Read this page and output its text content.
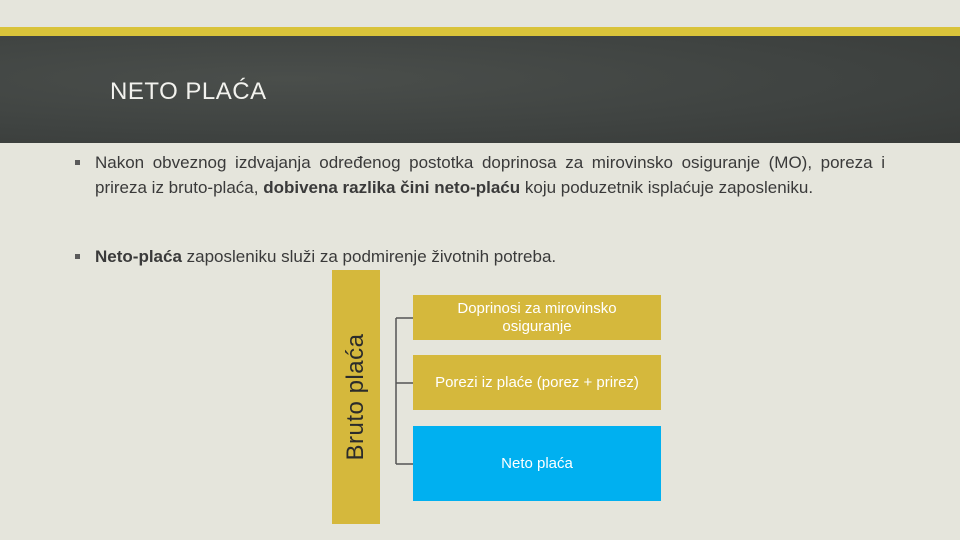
NETO PLAĆA
Nakon obveznog izdvajanja određenog postotka doprinosa za mirovinsko osiguranje (MO), poreza i prireza iz bruto-plaća, dobivena razlika čini neto-plaću koju poduzetnik isplaćuje zaposleniku.
Neto-plaća zaposleniku služi za podmirenje životnih potreba.
Bruto plaća
Doprinosi za mirovinsko osiguranje
Porezi iz plaće (porez + prirez)
Neto plaća
